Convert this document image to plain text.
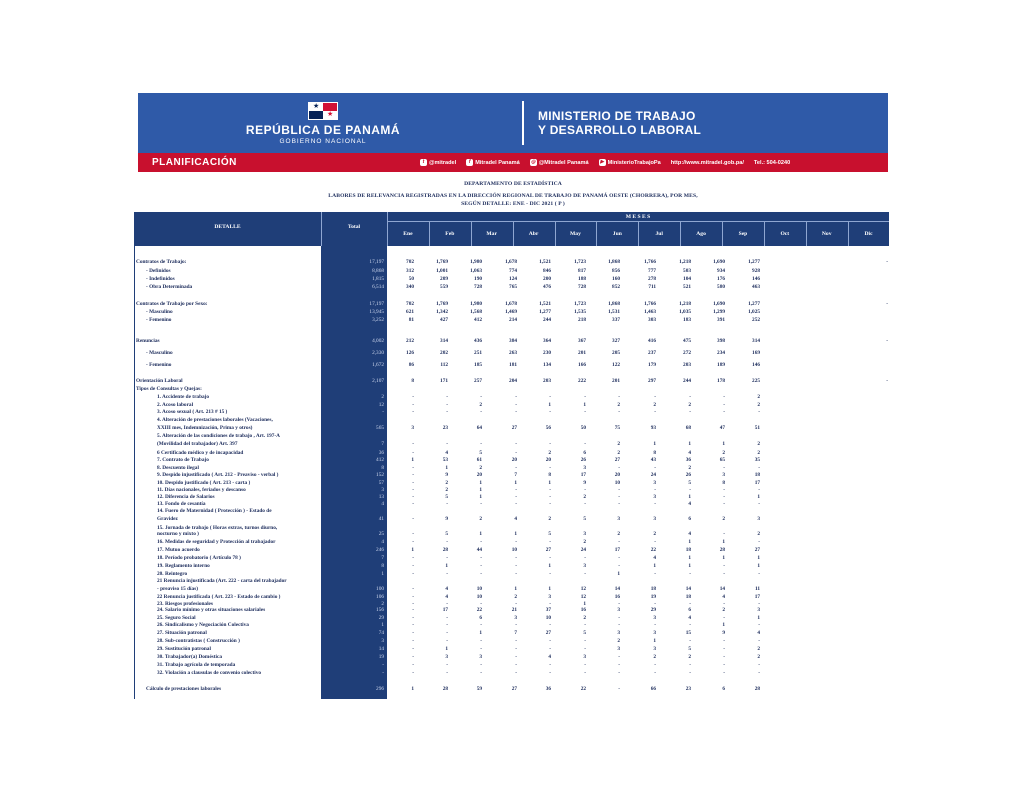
★
★
REPÚBLICA DE PANAMÁ
GOBIERNO NACIONAL
MINISTERIO DE TRABAJO
Y DESARROLLO LABORAL
PLANIFICACIÓN	t @mitradel	f Mitradel Panamá ◎ @Mitradel Panamá	▶ MinisterioTrabajoPa http://www.mitradel.gob.pa/ Tel.: 504-0240
DEPARTAMENTO DE ESTADÍSTICA
LABORES DE RELEVANCIA REGISTRADAS EN LA DIRECCIÓN REGIONAL DE TRABAJO DE PANAMÁ OESTE (CHORRERA), POR MES,
SEGÚN DETALLE: ENE - DIC 2021 ( P )
DETALLE	Total
M E S E S
Ene	Feb	Mar	Abr	May	Jun	Jul	Ago	Sep	Oct	Nov	Dic
Contratos de Trabajo:	17,197	702	1,769	1,980	1,678	1,521	1,723	1,868	1,766	1,218	1,690	1,277	-
- Definidos	8,868	312	1,001	1,063	774	846	817	856	777	503	934	928
- Indefinidos	1,815	50	209	190	124	200	188	160	278	104	176	146
- Obra Determinada	6,514	340	559	728	765	476	728	852	711	521	580	463
Contratos de Trabajo por Sexo:	17,197	702	1,769	1,980	1,678	1,521	1,723	1,868	1,766	1,218	1,690	1,277	-
- Masculino	13,945	621	1,342	1,568	1,469	1,277	1,535	1,531	1,463	1,035	1,299	1,025
- Femenino	3,252	81	427	412	214	244	218	337	303	183	391	252
Renuncias	4,002	212	314	436	384	364	367	327	416	475	398	314	-
- Masculino	2,330	126	202	251	263	230	201	205	237	272	234	169
- Femenino	1,672	86	112	185	181	134	166	122	179	203	189	146
Orientación Laboral	2,107	8	171	257	204	203	222	201	297	244	178	225	-
Tipos de Consultas y Quejas:
1. Accidente de trabajo	2	-	-	-	-	-	-	-	-	-	-	2
2. Acoso laboral	12	-	-	2	-	1	1	2	2	2	-	2
3. Acoso sexual ( Art. 213 # 15 )	-	-	-	-	-	-	-	-	-	-	-	-
4. Alteración de prestaciones laborales (Vacaciones,
XXIII mes, Indemnización, Prima y otros)	565	3	23	64	27	56	50	75	93	68	47	51
5. Alteración de las condiciones de trabajo , Art. 197-A
(Movilidad del trabajador) Art. 397	7	-	-	-	-	-	-	2	1	1	1	2
6 Certificado médico y de incapacidad	36	-	4	5	-	2	6	2	8	4	2	2
7. Contrato de Trabajo	412	1	53	61	20	20	26	27	43	36	65	35
8. Descuento ilegal	8	-	1	2	-	-	3	-	-	2	-	-
9. Despido injustificado ( Art. 212 - Preaviso - verbal )	152	-	9	20	7	8	17	20	24	26	3	18
10. Despido justificado ( Art. 213 - carta )	57	-	2	1	1	1	9	10	3	5	8	17
11. Días nacionales, feriados y descanso	3	-	2	1	-	-	-	-	-	-	-	-
12. Diferencia de Salarios	13	-	5	1	-	-	2	-	3	1	-	1
13. Fondo de cesantía	4	-	-	-	-	-	-	-	-	4	-	-
14. Fuero de Maternidad ( Protección ) - Estado de
Gravidez	41	-	9	2	4	2	5	3	3	6	2	3
15. Jornada de trabajo ( Horas extras, turnos diurno,
nocturno y mixto )	25	-	5	1	1	5	3	2	2	4	-	2
16. Medidas de seguridad y Protección al trabajador	4	-	-	-	-	-	2	-	-	1	1	-
17. Mutuo acuerdo	246	1	28	44	10	27	24	17	22	18	28	27
18. Período probatorio ( Artículo 78 )	7	-	-	-	-	-	-	-	4	1	1	1
19. Reglamento interno	8	-	1	-	-	1	3	-	1	1	-	1
20. Reintegro	1	-	-	-	-	-	-	1	-	-	-	-
21 Renuncia injustificada (Art. 222 - carta del trabajador
- preaviso 15 días)	100	-	4	10	1	1	12	14	18	14	14	11
22 Renuncia justificada ( Art. 223 - Estado de cambio )	106	-	4	10	2	3	12	16	19	18	4	17
23. Riesgos profesionales	2	-	-	-	-	-	1	-	-	-	-	-
24. Salario mínimo y otras situaciones salariales	156	-	17	22	21	37	16	3	29	6	2	3
25. Seguro Social	29	-	-	6	3	10	2	-	3	4	-	1
26. Sindicalismo y Negociación Colectiva	1	-	-	-	-	-	-	-	-	-	1	-
27. Situación patronal	74	-	-	1	7	27	5	3	3	15	9	4
28. Sub-contratistas ( Construcción )	3	-	-	-	-	-	-	2	1	-	-	-
29. Sustitución patronal	14	-	1	-	-	-	-	3	3	5	-	2
30. Trabajador(a) Doméstica	19	-	3	3	-	4	3	-	2	2	-	2
31. Trabajo agrícola de temporada	-	-	-	-	-	-	-	-	-	-	-	-
32. Violación a clausulas de convenio colectivo	-	-	-	-	-	-	-	-	-	-	-	-
Cálculo de prestaciones laborales	296	1	28	59	27	36	22	-	66	23	6	28
